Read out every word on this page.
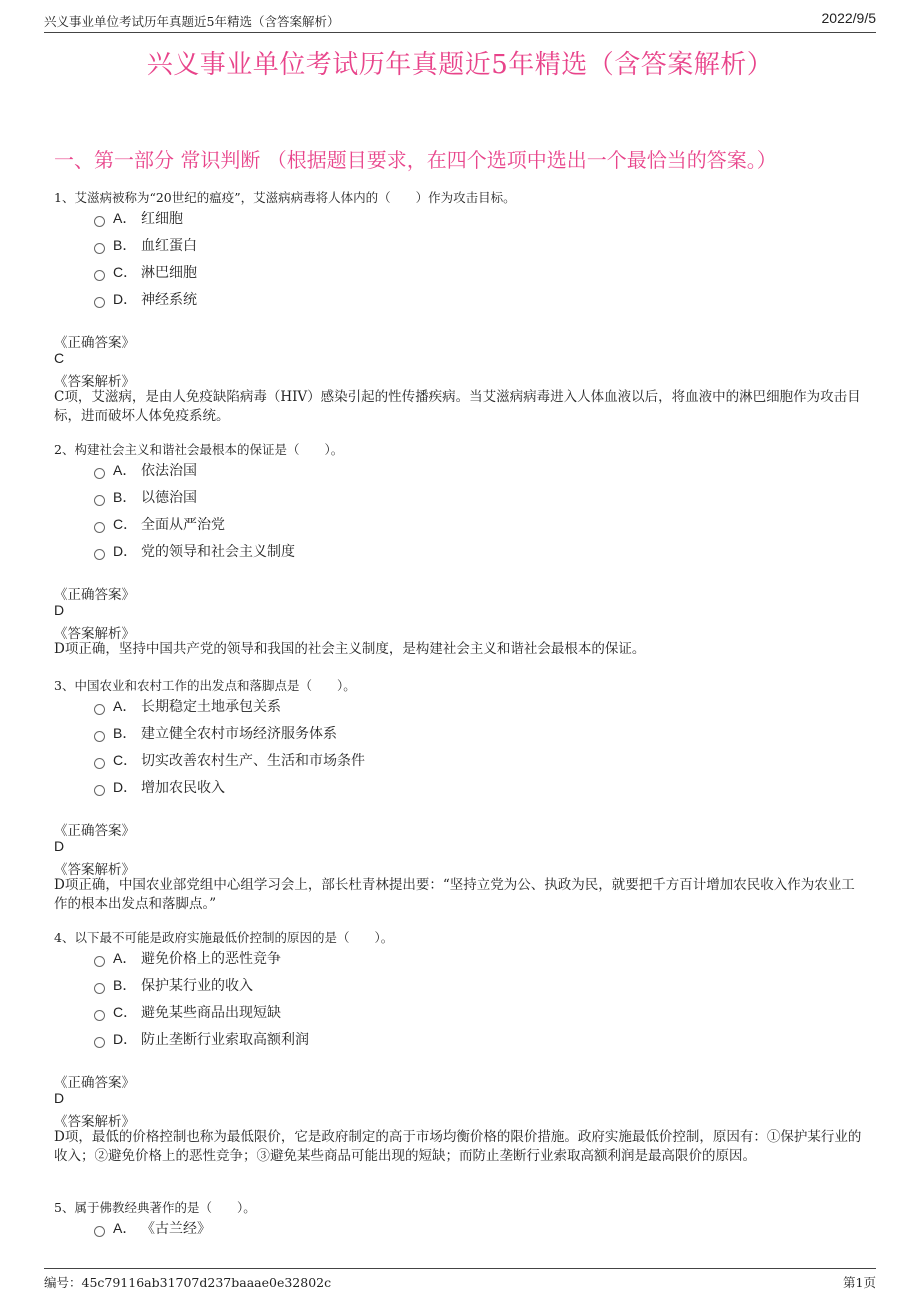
兴义事业单位考试历年真题近5年精选（含答案解析）	2022/9/5
兴义事业单位考试历年真题近5年精选（含答案解析）
一、第一部分 常识判断 （根据题目要求，在四个选项中选出一个最恰当的答案。）
1、艾滋病被称为“20世纪的瘟疫”，艾滋病病毒将人体内的（　　）作为攻击目标。
A． 红细胞
B． 血红蛋白
C． 淋巴细胞
D． 神经系统
《正确答案》
C
《答案解析》
C项，艾滋病，是由人免疫缺陷病毒（HIV）感染引起的性传播疾病。当艾滋病病毒进入人体血液以后，将血液中的淋巴细胞作为攻击目标，进而破坏人体免疫系统。
2、构建社会主义和谐社会最根本的保证是（　　）。
A． 依法治国
B． 以德治国
C． 全面从严治党
D． 党的领导和社会主义制度
《正确答案》
D
《答案解析》
D项正确，坚持中国共产党的领导和我国的社会主义制度，是构建社会主义和谐社会最根本的保证。
3、中国农业和农村工作的出发点和落脚点是（　　）。
A． 长期稳定土地承包关系
B． 建立健全农村市场经济服务体系
C． 切实改善农村生产、生活和市场条件
D． 增加农民收入
《正确答案》
D
《答案解析》
D项正确，中国农业部党组中心组学习会上，部长杜青林提出要：“坚持立党为公、执政为民，就要把千方百计增加农民收入作为农业工作的根本出发点和落脚点。”
4、以下最不可能是政府实施最低价控制的原因的是（　　）。
A． 避免价格上的恶性竞争
B． 保护某行业的收入
C． 避免某些商品出现短缺
D． 防止垄断行业索取高额利润
《正确答案》
D
《答案解析》
D项，最低的价格控制也称为最低限价，它是政府制定的高于市场均衡价格的限价措施。政府实施最低价控制，原因有：①保护某行业的收入；②避免价格上的恶性竞争；③避免某些商品可能出现的短缺；而防止垄断行业索取高额利润是最高限价的原因。
5、属于佛教经典著作的是（　　）。
A． 《古兰经》
编号：45c79116ab31707d237baaae0e32802c	第1页
